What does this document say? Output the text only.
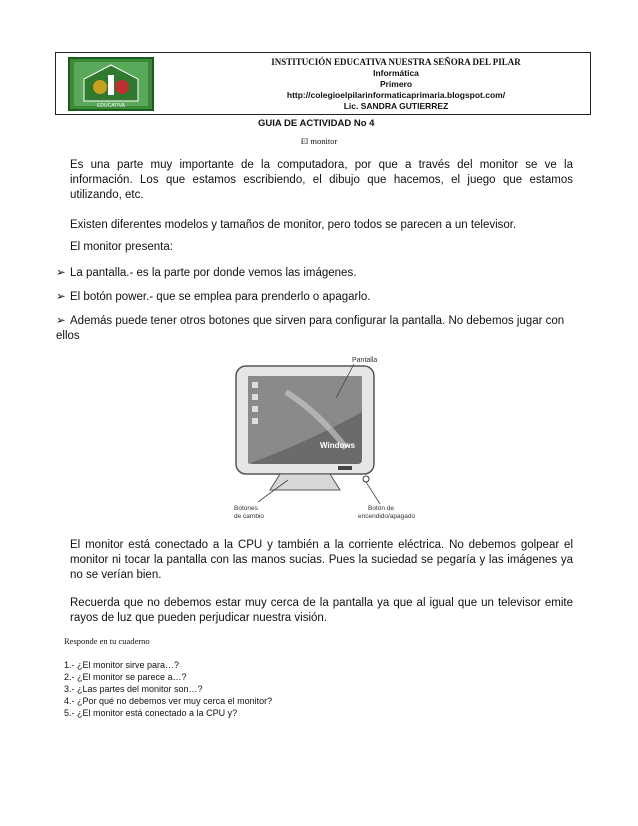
EDUCATIVA
INSTITUCIÓN EDUCATIVA NUESTRA SEÑORA DEL PILAR
Informática
Primero
http://colegioelpilarinformaticaprimaria.blogspot.com/
Lic. SANDRA GUTIERREZ
GUIA DE ACTIVIDAD No 4
El monitor
Es una parte muy importante de la computadora, por que a través del monitor se ve la información. Los que estamos escribiendo, el dibujo que hacemos, el juego que estamos utilizando, etc.
Existen diferentes modelos y tamaños de monitor, pero todos se parecen a un televisor.
El monitor presenta:
➢ La pantalla.- es la parte por donde vemos las imágenes.
➢ El botón power.- que se emplea para prenderlo o apagarlo.
➢ Además puede tener otros botones que sirven para configurar la pantalla. No debemos jugar con ellos
Windows
Pantalla
Botones
de cambio
Botón de
encendido/apagado
El monitor está conectado a la CPU y también a la corriente eléctrica. No debemos golpear el monitor ni tocar la pantalla con las manos sucias. Pues la suciedad se pegaría y las imágenes ya no se verían bien.
Recuerda que no debemos estar muy cerca de la pantalla ya que al igual que un televisor emite rayos de luz que pueden perjudicar nuestra visión.
Responde en tu cuaderno
1.- ¿El monitor sirve para…?
2.- ¿El monitor se parece a…?
3.- ¿Las partes del monitor son…?
4.- ¿Por qué no debemos ver muy cerca el monitor?
5.- ¿El monitor está conectado a la CPU y?
